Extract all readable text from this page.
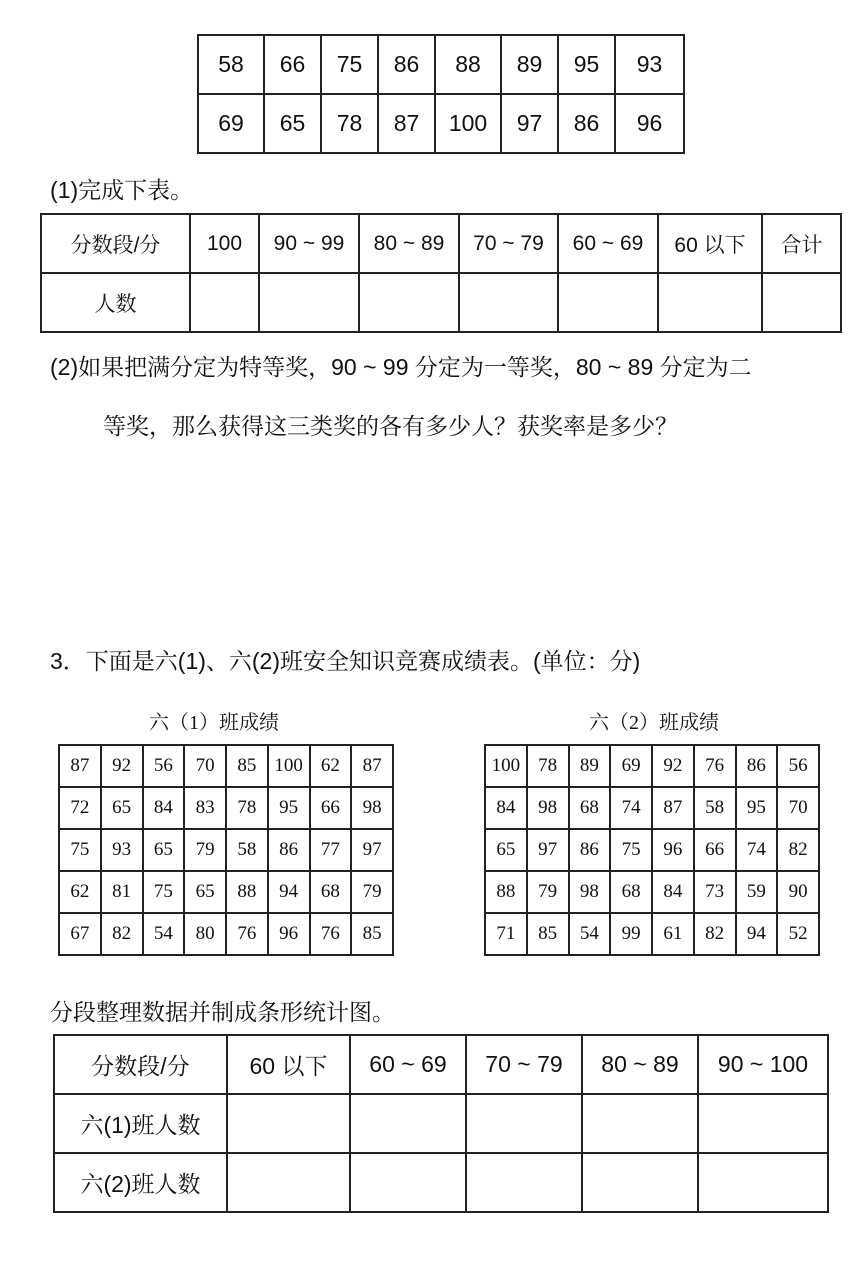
58	66	75	86	88	89	95	93
69	65	78	87	100	97	86	96
(1)完成下表。
分数段/分	100	90 ~ 99	80 ~ 89	70 ~ 79	60 ~ 69	60 以下	合计
人数							
(2)如果把满分定为特等奖，90 ~ 99 分定为一等奖，80 ~ 89 分定为二
等奖，那么获得这三类奖的各有多少人？获奖率是多少？
3．下面是六(1)、六(2)班安全知识竞赛成绩表。(单位：分)
六（1）班成绩	六（2）班成绩
87	92	56	70	85	100	62	87
72	65	84	83	78	95	66	98
75	93	65	79	58	86	77	97
62	81	75	65	88	94	68	79
67	82	54	80	76	96	76	85
100	78	89	69	92	76	86	56
84	98	68	74	87	58	95	70
65	97	86	75	96	66	74	82
88	79	98	68	84	73	59	90
71	85	54	99	61	82	94	52
分段整理数据并制成条形统计图。
分数段/分	60 以下	60 ~ 69	70 ~ 79	80 ~ 89	90 ~ 100
六(1)班人数					
六(2)班人数					
